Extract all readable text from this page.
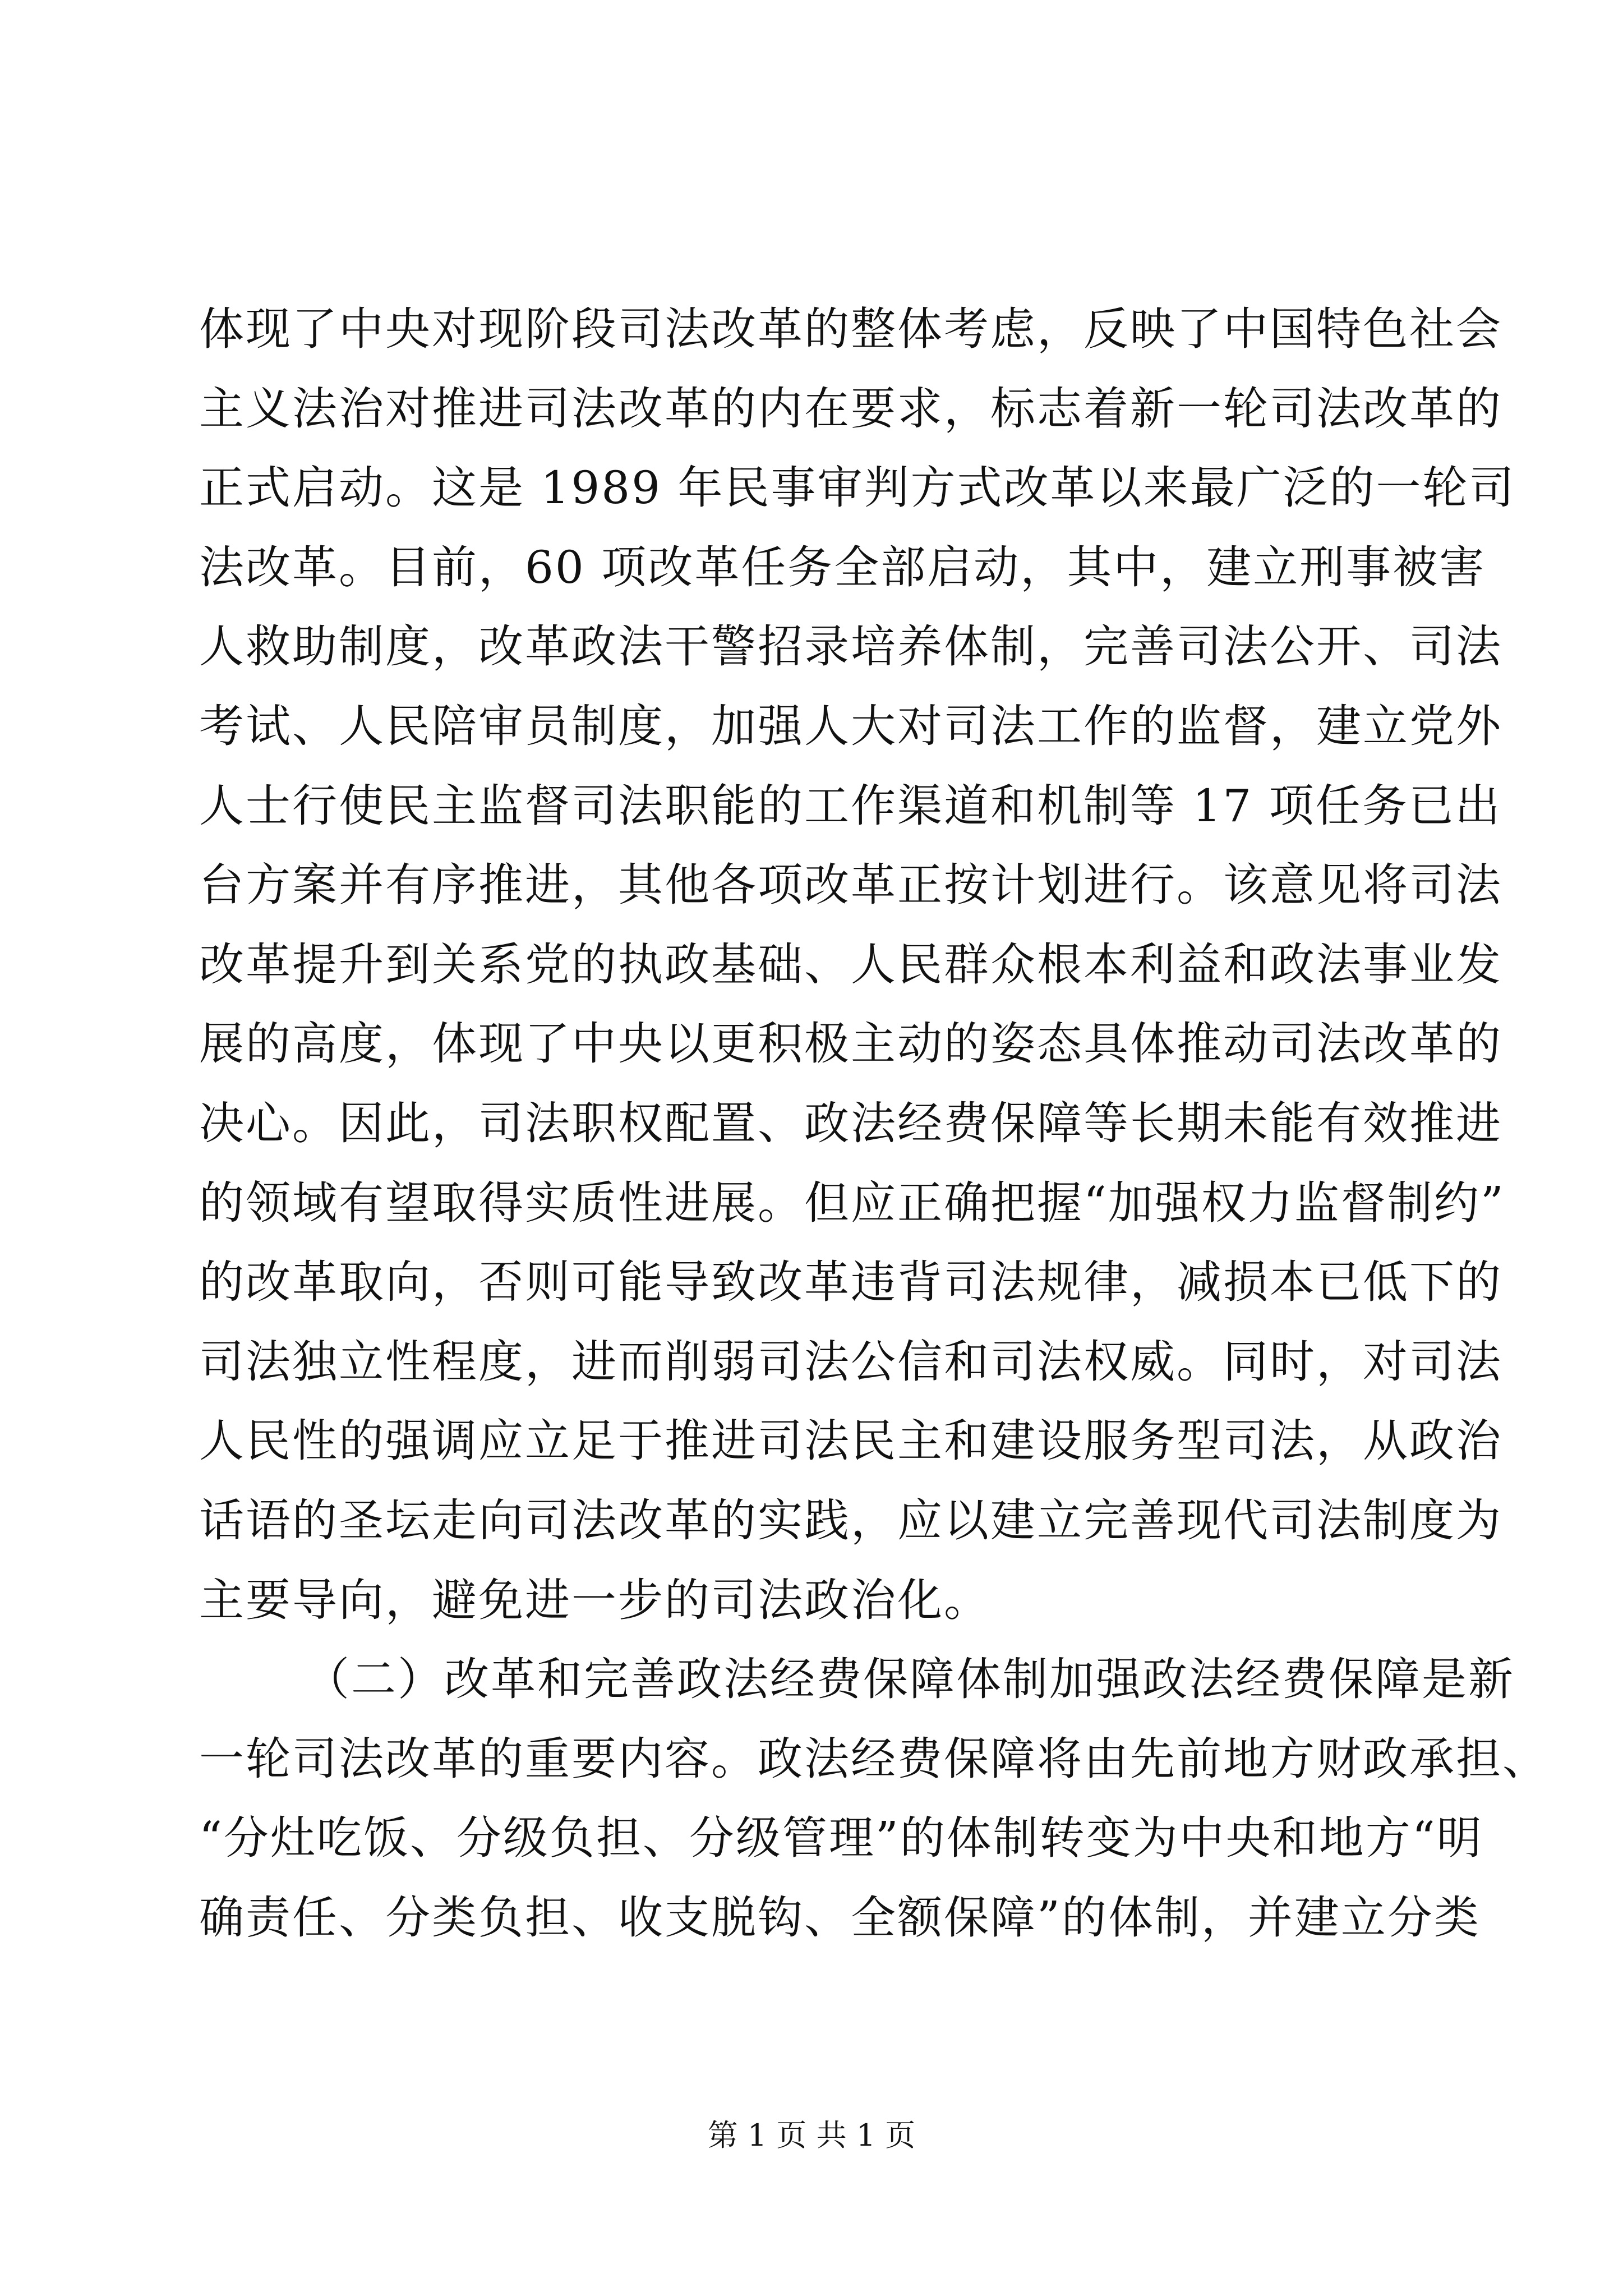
体现了中央对现阶段司法改革的整体考虑，反映了中国特色社会
主义法治对推进司法改革的内在要求，标志着新一轮司法改革的
正式启动。这是 1989 年民事审判方式改革以来最广泛的一轮司
法改革。目前，60 项改革任务全部启动，其中，建立刑事被害
人救助制度，改革政法干警招录培养体制，完善司法公开、司法
考试、人民陪审员制度，加强人大对司法工作的监督，建立党外
人士行使民主监督司法职能的工作渠道和机制等 17 项任务已出
台方案并有序推进，其他各项改革正按计划进行。该意见将司法
改革提升到关系党的执政基础、人民群众根本利益和政法事业发
展的高度，体现了中央以更积极主动的姿态具体推动司法改革的
决心。因此，司法职权配置、政法经费保障等长期未能有效推进
的领域有望取得实质性进展。但应正确把握“加强权力监督制约”
的改革取向，否则可能导致改革违背司法规律，减损本已低下的
司法独立性程度，进而削弱司法公信和司法权威。同时，对司法
人民性的强调应立足于推进司法民主和建设服务型司法，从政治
话语的圣坛走向司法改革的实践，应以建立完善现代司法制度为
主要导向，避免进一步的司法政治化。
（二）改革和完善政法经费保障体制加强政法经费保障是新
一轮司法改革的重要内容。政法经费保障将由先前地方财政承担、
“分灶吃饭、分级负担、分级管理”的体制转变为中央和地方“明
确责任、分类负担、收支脱钩、全额保障”的体制，并建立分类
第 1 页 共 1 页
